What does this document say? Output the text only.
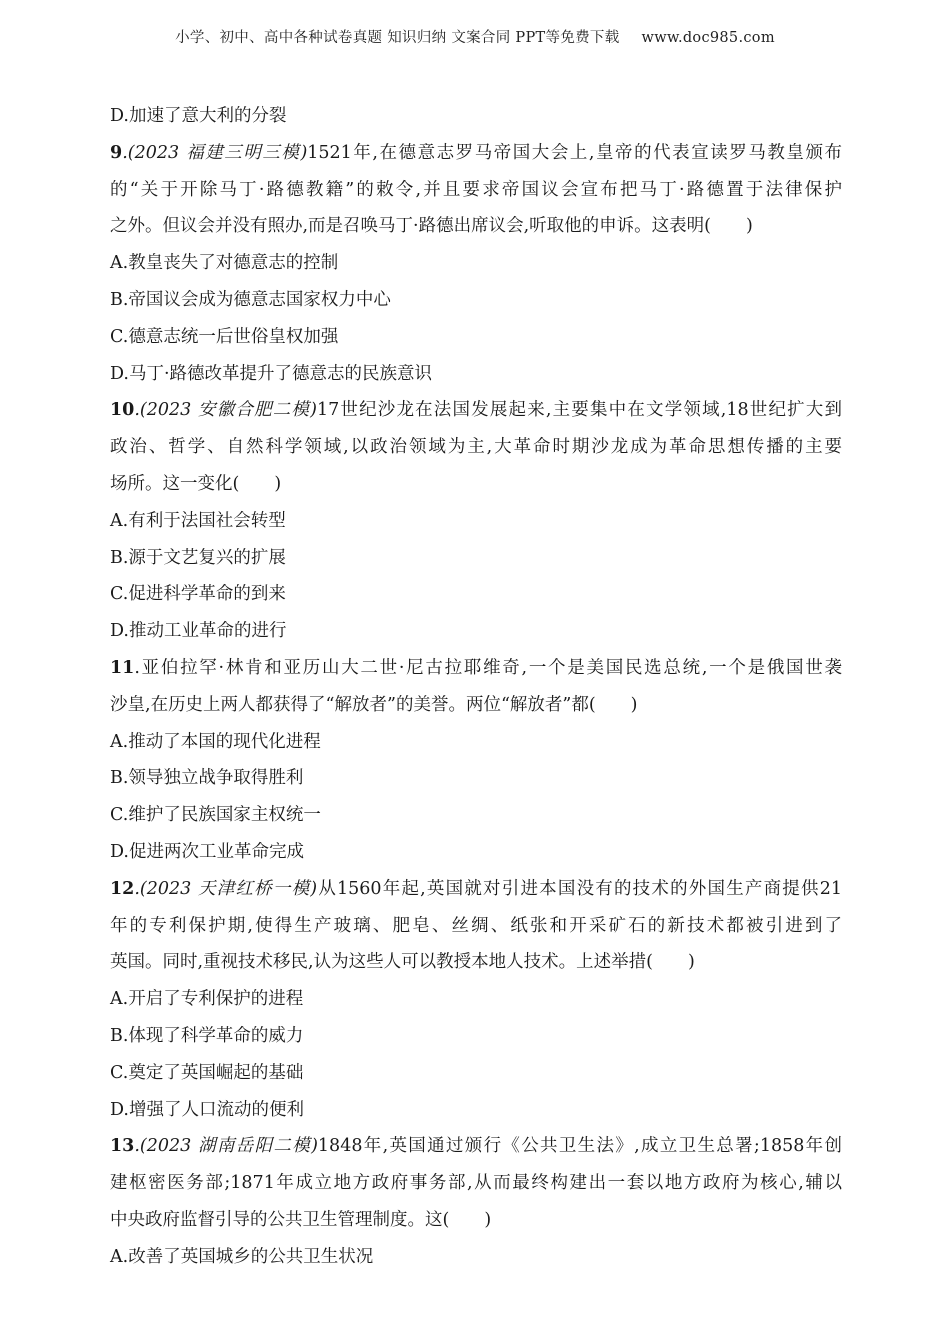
小学、初中、高中各种试卷真题 知识归纳 文案合同 PPT等免费下载 www.doc985.com
D.加速了意大利的分裂
9.(2023 福建三明三模)1521年,在德意志罗马帝国大会上,皇帝的代表宣读罗马教皇颁布
的“关于开除马丁·路德教籍”的敕令,并且要求帝国议会宣布把马丁·路德置于法律保护
之外。但议会并没有照办,而是召唤马丁·路德出席议会,听取他的申诉。这表明(　　)
A.教皇丧失了对德意志的控制
B.帝国议会成为德意志国家权力中心
C.德意志统一后世俗皇权加强
D.马丁·路德改革提升了德意志的民族意识
10.(2023 安徽合肥二模)17世纪沙龙在法国发展起来,主要集中在文学领域,18世纪扩大到
政治、哲学、自然科学领域,以政治领域为主,大革命时期沙龙成为革命思想传播的主要
场所。这一变化(　　)
A.有利于法国社会转型
B.源于文艺复兴的扩展
C.促进科学革命的到来
D.推动工业革命的进行
11.亚伯拉罕·林肯和亚历山大二世·尼古拉耶维奇,一个是美国民选总统,一个是俄国世袭
沙皇,在历史上两人都获得了“解放者”的美誉。两位“解放者”都(　　)
A.推动了本国的现代化进程
B.领导独立战争取得胜利
C.维护了民族国家主权统一
D.促进两次工业革命完成
12.(2023 天津红桥一模)从1560年起,英国就对引进本国没有的技术的外国生产商提供21
年的专利保护期,使得生产玻璃、肥皂、丝绸、纸张和开采矿石的新技术都被引进到了
英国。同时,重视技术移民,认为这些人可以教授本地人技术。上述举措(　　)
A.开启了专利保护的进程
B.体现了科学革命的威力
C.奠定了英国崛起的基础
D.增强了人口流动的便利
13.(2023 湖南岳阳二模)1848年,英国通过颁行《公共卫生法》,成立卫生总署;1858年创
建枢密医务部;1871年成立地方政府事务部,从而最终构建出一套以地方政府为核心,辅以
中央政府监督引导的公共卫生管理制度。这(　　)
A.改善了英国城乡的公共卫生状况
